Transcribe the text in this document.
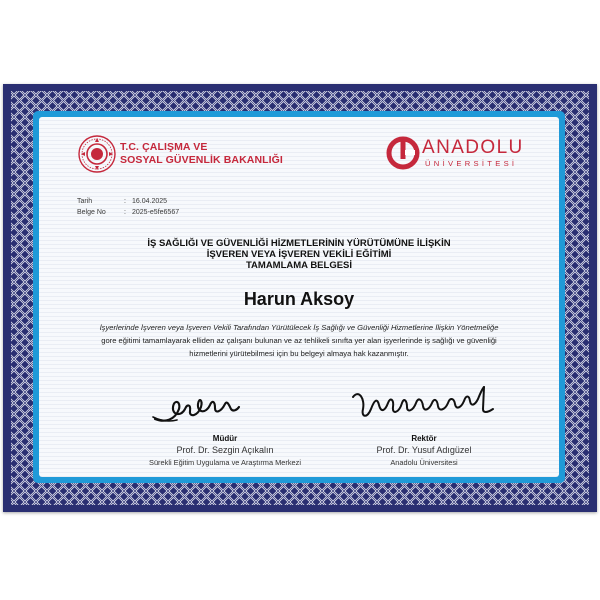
T.C. ÇALIŞMA VE
SOSYAL GÜVENLİK BAKANLIĞI
ANADOLU
ÜNİVERSİTESİ
Tarih	: 16.04.2025
Belge No	: 2025-e5fe6567
İŞ SAĞLIĞI VE GÜVENLİĞİ HİZMETLERİNİN YÜRÜTÜMÜNE İLİŞKİN
İŞVEREN VEYA İŞVEREN VEKİLİ EĞİTİMİ
TAMAMLAMA BELGESİ
Harun Aksoy
İşyerlerinde İşveren veya İşveren Vekili Tarafından Yürütülecek İş Sağlığı ve Güvenliği Hizmetlerine İlişkin Yönetmeliğe
gore eğitimi tamamlayarak elliden az çalışanı bulunan ve az tehlikeli sınıfta yer alan işyerlerinde iş sağlığı ve güvenliği
hizmetlerini yürütebilmesi için bu belgeyi almaya hak kazanmıştır.
Müdür
Prof. Dr. Sezgin Açıkalın
Sürekli Eğitim Uygulama ve Araştırma Merkezi
Rektör
Prof. Dr. Yusuf Adıgüzel
Anadolu Üniversitesi
